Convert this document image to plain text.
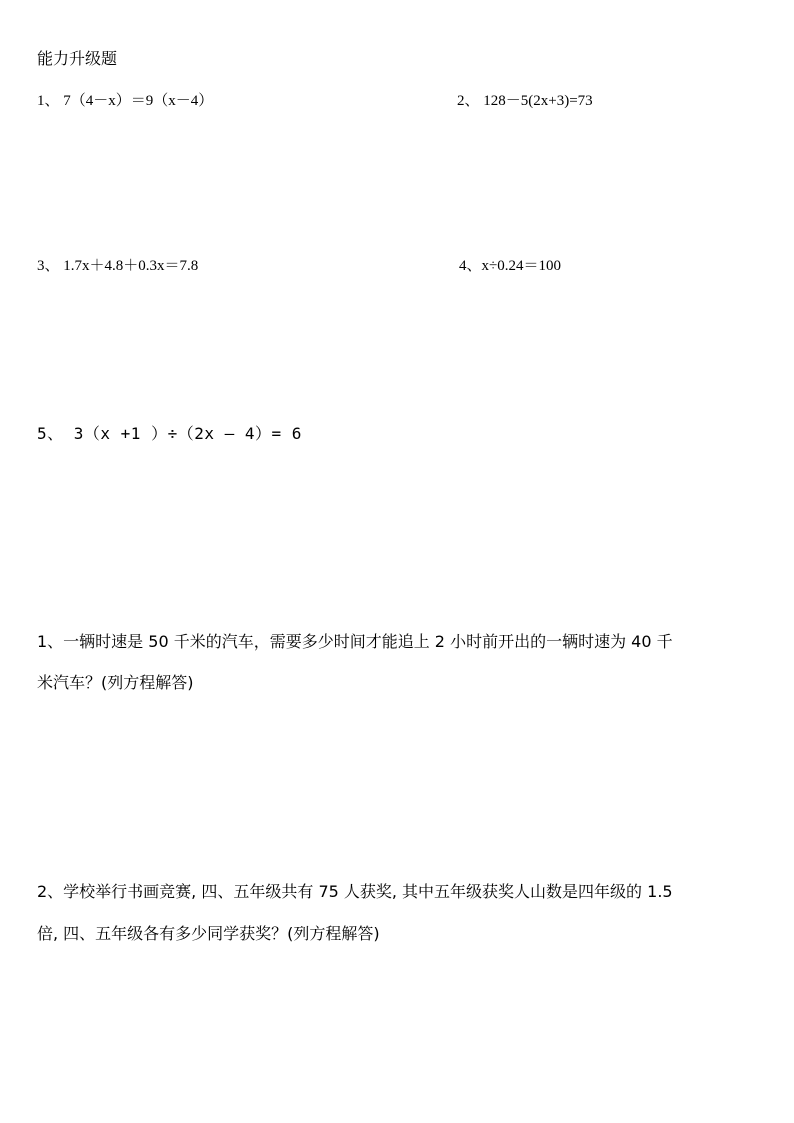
能力升级题
1、 7（4－x）＝9（x－4）	2、 128－5(2x+3)=73
3、 1.7x＋4.8＋0.3x＝7.8	4、x÷0.24＝100
5、 3（x +1 ）÷（2x – 4）= 6
1、一辆时速是 50 千米的汽车，需要多少时间才能追上 2 小时前开出的一辆时速为 40 千
米汽车？(列方程解答)
2、学校举行书画竞赛, 四、五年级共有 75 人获奖, 其中五年级获奖人山数是四年级的 1.5
倍, 四、五年级各有多少同学获奖？(列方程解答)
